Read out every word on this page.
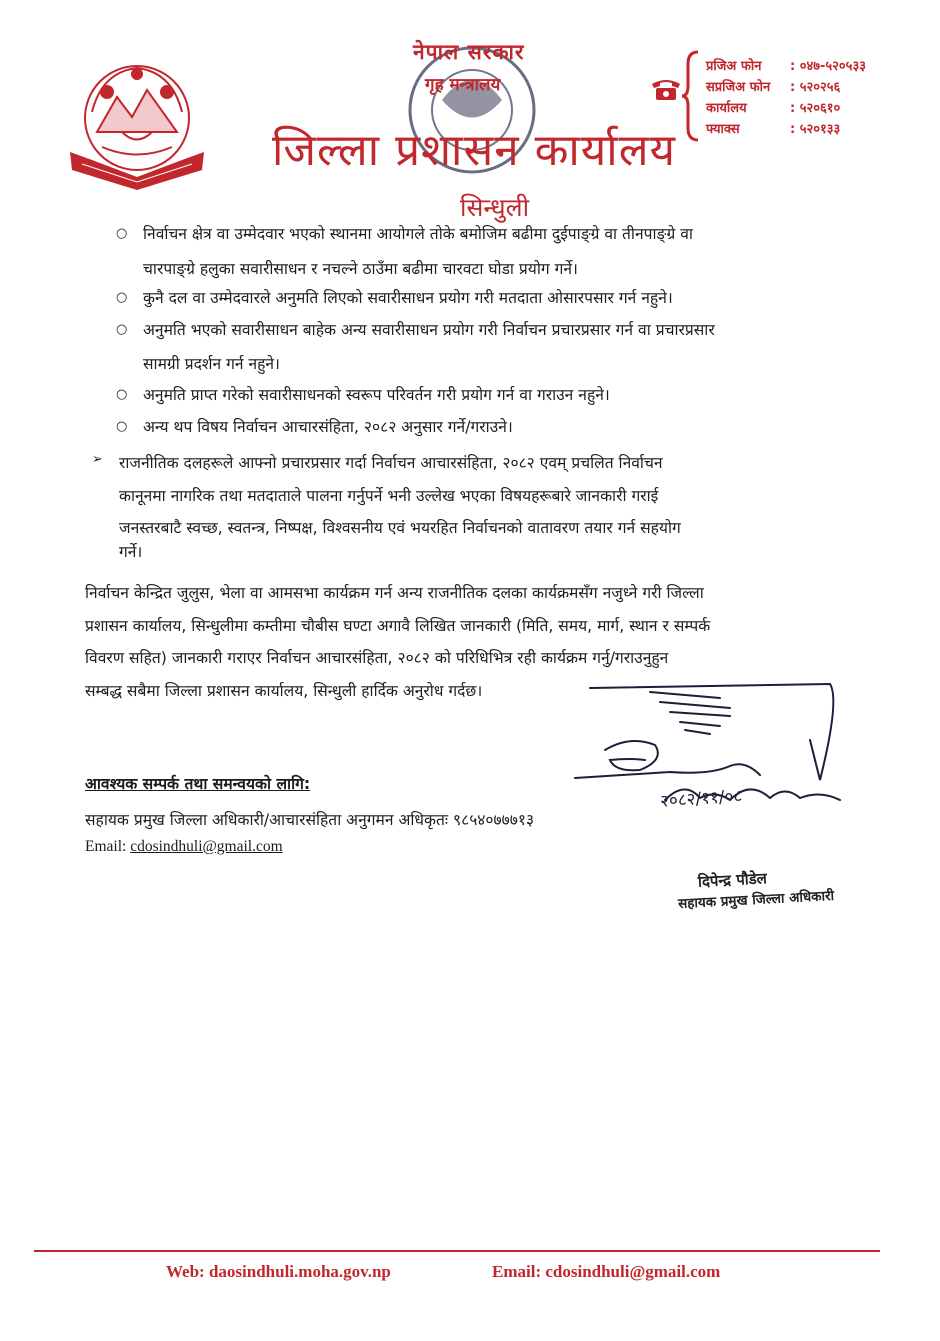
नेपाल सरकार
गृह मन्त्रालय
जिल्ला प्रशासन कार्यालय
सिन्धुली
प्रजिअ फोन : ०४७-५२०५३३
सप्रजिअ फोन : ५२०२५६
कार्यालय	: ५२०६१०
फ्याक्स	: ५२०१३३
○ निर्वाचन क्षेत्र वा उम्मेदवार भएको स्थानमा आयोगले तोके बमोजिम बढीमा दुईपाङ्ग्रे वा तीनपाङ्ग्रे वा
चारपाङ्ग्रे हलुका सवारीसाधन र नचल्ने ठाउँमा बढीमा चारवटा घोडा प्रयोग गर्ने।
○ कुनै दल वा उम्मेदवारले अनुमति लिएको सवारीसाधन प्रयोग गरी मतदाता ओसारपसार गर्न नहुने।
○ अनुमति भएको सवारीसाधन बाहेक अन्य सवारीसाधन प्रयोग गरी निर्वाचन प्रचारप्रसार गर्न वा प्रचारप्रसार
सामग्री प्रदर्शन गर्न नहुने।
○ अनुमति प्राप्त गरेको सवारीसाधनको स्वरूप परिवर्तन गरी प्रयोग गर्न वा गराउन नहुने।
○ अन्य थप विषय निर्वाचन आचारसंहिता, २०८२ अनुसार गर्ने/गराउने।
➢ राजनीतिक दलहरूले आफ्नो प्रचारप्रसार गर्दा निर्वाचन आचारसंहिता, २०८२ एवम् प्रचलित निर्वाचन
कानूनमा नागरिक तथा मतदाताले पालना गर्नुपर्ने भनी उल्लेख भएका विषयहरूबारे जानकारी गराई
जनस्तरबाटै स्वच्छ, स्वतन्त्र, निष्पक्ष, विश्वसनीय एवं भयरहित निर्वाचनको वातावरण तयार गर्न सहयोग
गर्ने।
निर्वाचन केन्द्रित जुलुस, भेला वा आमसभा कार्यक्रम गर्न अन्य राजनीतिक दलका कार्यक्रमसँग नजुध्ने गरी जिल्ला
प्रशासन कार्यालय, सिन्धुलीमा कम्तीमा चौबीस घण्टा अगावै लिखित जानकारी (मिति, समय, मार्ग, स्थान र सम्पर्क
विवरण सहित) जानकारी गराएर निर्वाचन आचारसंहिता, २०८२ को परिधिभित्र रही कार्यक्रम गर्नु/गराउनुहुन
सम्बद्ध सबैमा जिल्ला प्रशासन कार्यालय, सिन्धुली हार्दिक अनुरोध गर्दछ।
२०८२/११/०८
आवश्यक सम्पर्क तथा समन्वयको लागि:
सहायक प्रमुख जिल्ला अधिकारी/आचारसंहिता अनुगमन अधिकृतः ९८५४०७७७१३
Email: cdosindhuli@gmail.com
दिपेन्द्र पौडेल
सहायक प्रमुख जिल्ला अधिकारी
Web: daosindhuli.moha.gov.np	Email: cdosindhuli@gmail.com
